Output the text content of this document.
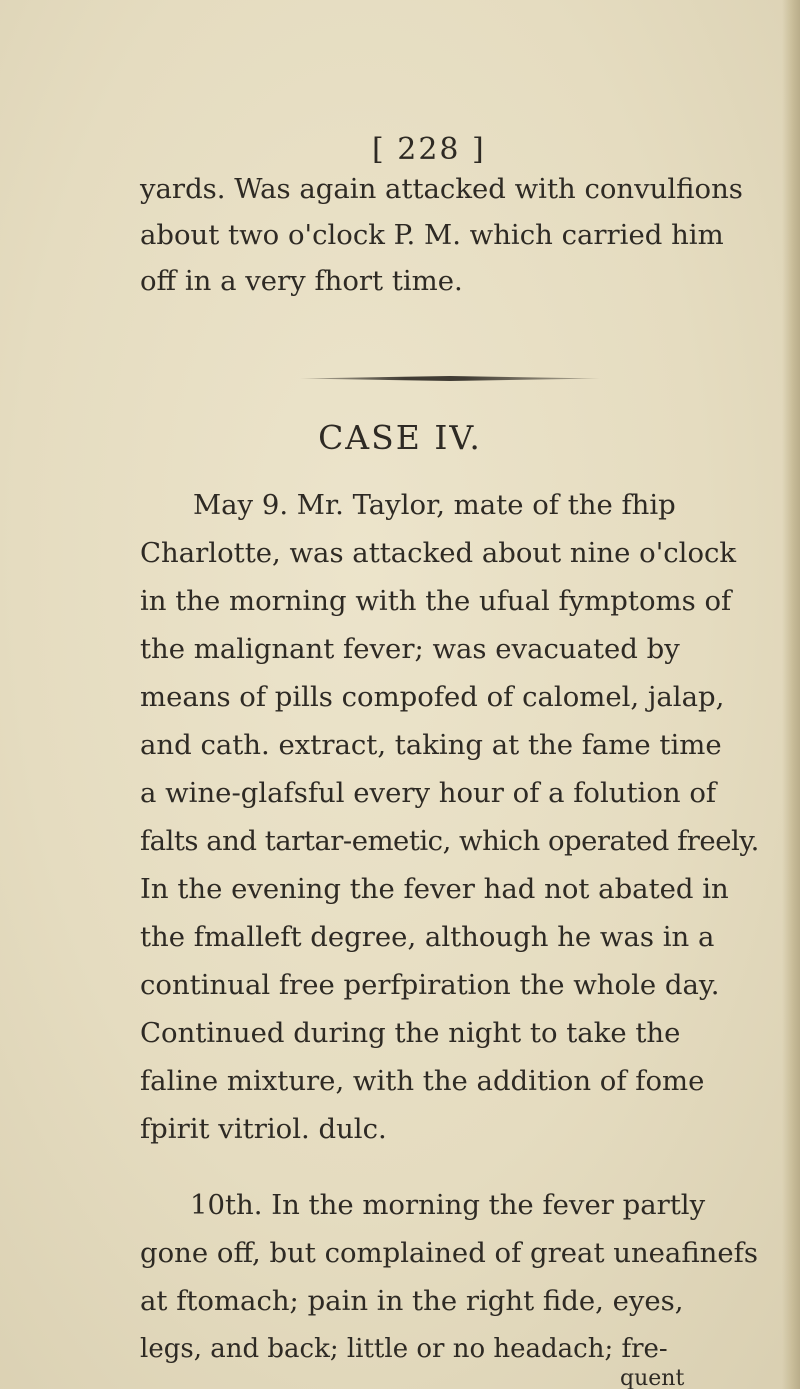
[ 228 ]
yards. Was again attacked with convulfions
about two o'clock P. M. which carried him
off in a very fhort time.
CASE IV.
May 9. Mr. Taylor, mate of the fhip
Charlotte, was attacked about nine o'clock
in the morning with the ufual fymptoms of
the malignant fever; was evacuated by
means of pills compofed of calomel, jalap,
and cath. extract, taking at the fame time
a wine-glafsful every hour of a folution of
falts and tartar-emetic, which operated freely.
In the evening the fever had not abated in
the fmalleft degree, although he was in a
continual free perfpiration the whole day.
Continued during the night to take the
faline mixture, with the addition of fome
fpirit vitriol. dulc.
10th. In the morning the fever partly
gone off, but complained of great uneafinefs
at ftomach; pain in the right fide, eyes,
legs, and back; little or no headach; fre-
quent
